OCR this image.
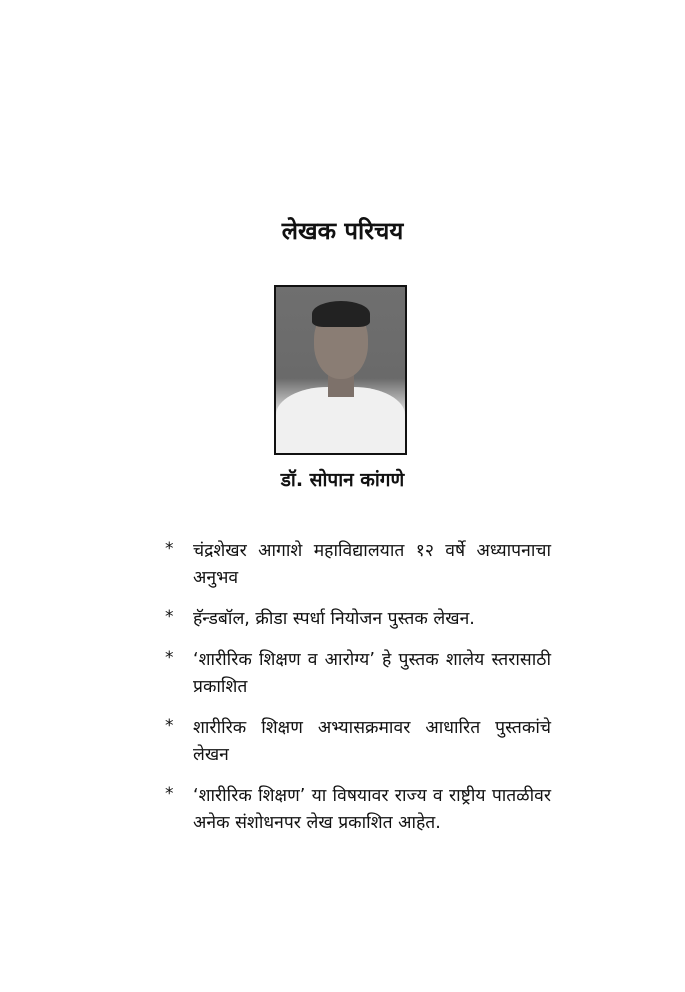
लेखक परिचय
डॉ. सोपान कांगणे
* चंद्रशेखर आगाशे महाविद्यालयात १२ वर्षे अध्यापनाचा अनुभव
* हॅन्डबॉल, क्रीडा स्पर्धा नियोजन पुस्तक लेखन.
* ‘शारीरिक शिक्षण व आरोग्य’ हे पुस्तक शालेय स्तरासाठी प्रकाशित
* शारीरिक शिक्षण अभ्यासक्रमावर आधारित पुस्तकांचे लेखन
* ‘शारीरिक शिक्षण’ या विषयावर राज्य व राष्ट्रीय पातळीवर अनेक संशोधनपर लेख प्रकाशित आहेत.
